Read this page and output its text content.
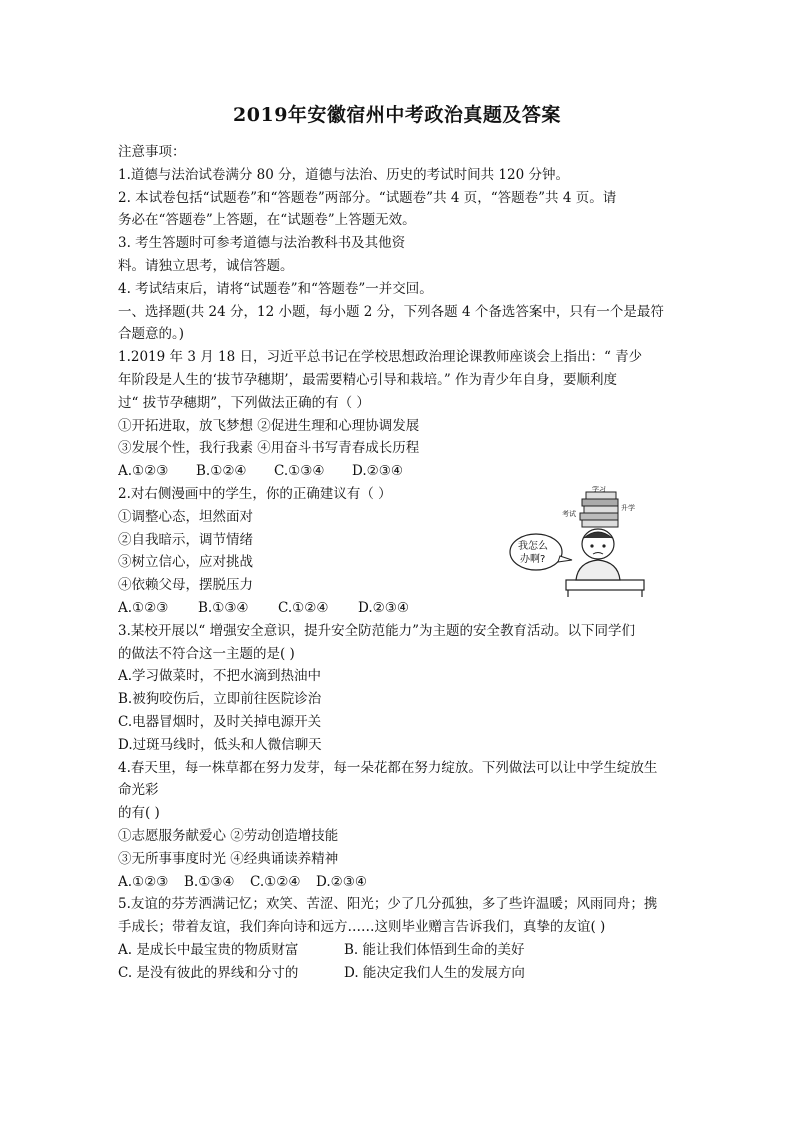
2019年安徽宿州中考政治真题及答案
注意事项：
1.道德与法治试卷满分 80 分，道德与法治、历史的考试时间共 120 分钟。
2. 本试卷包括“试题卷”和“答题卷”两部分。“试题卷”共 4 页，“答题卷”共 4 页。请
务必在“答题卷”上答题，在“试题卷”上答题无效。
3. 考生答题时可参考道德与法治教科书及其他资
料。请独立思考，诚信答题。
4. 考试结束后，请将“试题卷”和“答题卷”一并交回。
一、选择题(共 24 分，12 小题，每小题 2 分，下列各题 4 个备选答案中，只有一个是最符
合题意的。)
1.2019 年 3 月 18 日，习近平总书记在学校思想政治理论课教师座谈会上指出：“ 青少
年阶段是人生的‘拔节孕穗期’，最需要精心引导和栽培。” 作为青少年自身，要顺利度
过“ 拔节孕穗期”，下列做法正确的有（ ）
①开拓进取，放飞梦想 ②促进生理和心理协调发展
③发展个性，我行我素 ④用奋斗书写青春成长历程
A.①②③	B.①②④	C.①③④	D.②③④
2.对右侧漫画中的学生，你的正确建议有（ ）
①调整心态，坦然面对
②自我暗示，调节情绪
③树立信心，应对挑战
④依赖父母，摆脱压力
A.①②③	B.①③④	C.①②④	D.②③④
3.某校开展以“ 增强安全意识，提升安全防范能力”为主题的安全教育活动。以下同学们
的做法不符合这一主题的是( )
A.学习做菜时，不把水滴到热油中
B.被狗咬伤后，立即前往医院诊治
C.电器冒烟时，及时关掉电源开关
D.过斑马线时，低头和人微信聊天
4.春天里，每一株草都在努力发芽，每一朵花都在努力绽放。下列做法可以让中学生绽放生
命光彩
的有( )
①志愿服务献爱心 ②劳动创造增技能
③无所事事度时光 ④经典诵读养精神
A.①②③	B.①③④	C.①②④	D.②③④
5.友谊的芬芳洒满记忆；欢笑、苦涩、阳光；少了几分孤独，多了些许温暖；风雨同舟；携
手成长；带着友谊，我们奔向诗和远方……这则毕业赠言告诉我们，真挚的友谊( )
A. 是成长中最宝贵的物质财富	B. 能让我们体悟到生命的美好
C. 是没有彼此的界线和分寸的	D. 能决定我们人生的发展方向
学习
考试
升学
我怎么
办啊?
